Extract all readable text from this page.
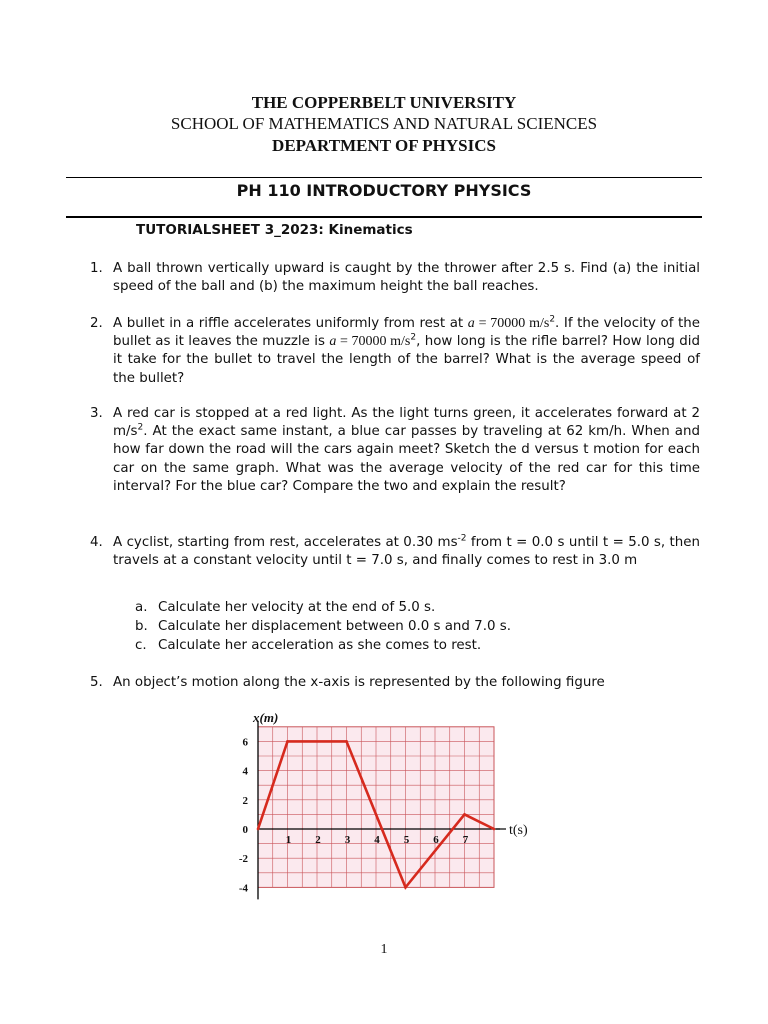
THE COPPERBELT UNIVERSITY
SCHOOL OF MATHEMATICS AND NATURAL SCIENCES
DEPARTMENT OF PHYSICS
PH 110 INTRODUCTORY PHYSICS
TUTORIALSHEET 3_2023: Kinematics
1. A ball thrown vertically upward is caught by the thrower after 2.5 s. Find (a) the initial speed of the ball and (b) the maximum height the ball reaches.
2. A bullet in a riffle accelerates uniformly from rest at a = 70000 $m/s^2$. If the velocity of the bullet as it leaves the muzzle is a = 70000 $m/s^2$, how long is the rifle barrel? How long did it take for the bullet to travel the length of the barrel? What is the average speed of the bullet?
3. A red car is stopped at a red light. As the light turns green, it accelerates forward at 2 $m/s^2$. At the exact same instant, a blue car passes by traveling at 62 km/h. When and how far down the road will the cars again meet? Sketch the d versus t motion for each car on the same graph. What was the average velocity of the red car for this time interval? For the blue car? Compare the two and explain the result?
4. A cyclist, starting from rest, accelerates at 0.30 $ms^{-2}$ from t = 0.0 s until t = 5.0 s, then travels at a constant velocity until t = 7.0 s, and finally comes to rest in 3.0 m
a. Calculate her velocity at the end of 5.0 s.
b. Calculate her displacement between 0.0 s and 7.0 s.
c. Calculate her acceleration as she comes to rest.
5. An object’s motion along the x-axis is represented by the following figure
6
4
2
0
-2
-4
1 2 3 4 5 6 7
x(m)
t(s)
1
